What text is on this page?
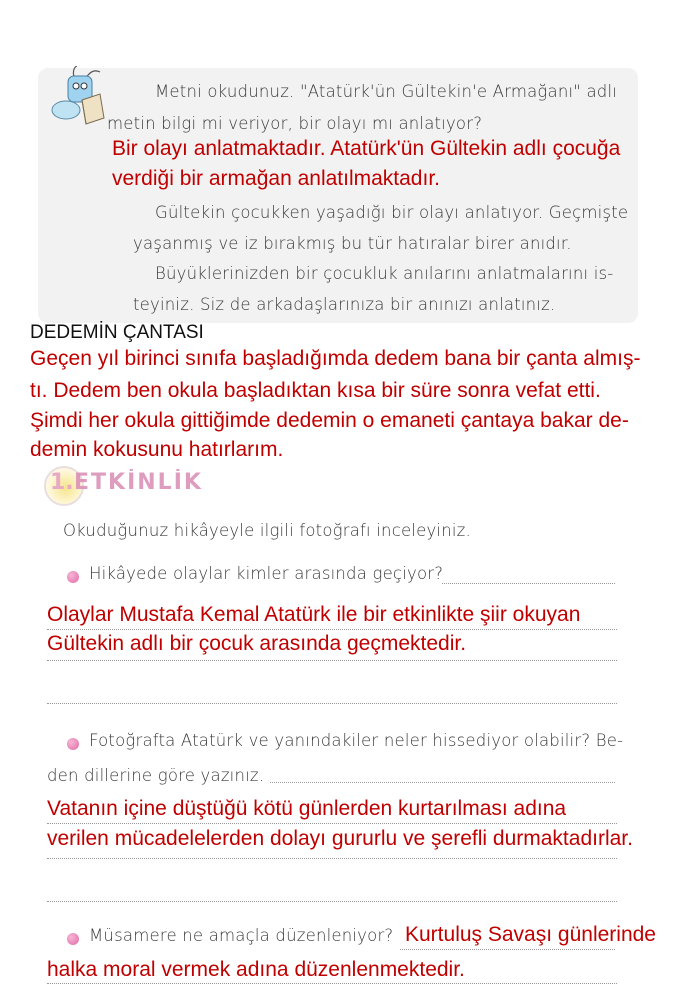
Metni okudunuz. "Atatürk'ün Gültekin'e Armağanı" adlı
metin bilgi mi veriyor, bir olayı mı anlatıyor?
Bir olayı anlatmaktadır. Atatürk'ün Gültekin adlı çocuğa
verdiği bir armağan anlatılmaktadır.
Gültekin çocukken yaşadığı bir olayı anlatıyor. Geçmişte
yaşanmış ve iz bırakmış bu tür hatıralar birer anıdır.
Büyüklerinizden bir çocukluk anılarını anlatmalarını is-
teyiniz. Siz de arkadaşlarınıza bir anınızı anlatınız.
DEDEMİN ÇANTASI
Geçen yıl birinci sınıfa başladığımda dedem bana bir çanta almış-
tı. Dedem ben okula başladıktan kısa bir süre sonra vefat etti.
Şimdi her okula gittiğimde dedemin o emaneti çantaya bakar de-
demin kokusunu hatırlarım.
1. ETKİNLİK
Okuduğunuz hikâyeyle ilgili fotoğrafı inceleyiniz.
Hikâyede olaylar kimler arasında geçiyor?
Olaylar Mustafa Kemal Atatürk ile bir etkinlikte şiir okuyan
Gültekin adlı bir çocuk arasında geçmektedir.
Fotoğrafta Atatürk ve yanındakiler neler hissediyor olabilir? Be-
den dillerine göre yazınız.
Vatanın içine düştüğü kötü günlerden kurtarılması adına
verilen mücadelelerden dolayı gururlu ve şerefli durmaktadırlar.
Müsamere ne amaçla düzenleniyor? Kurtuluş Savaşı günlerinde
halka moral vermek adına düzenlenmektedir.
